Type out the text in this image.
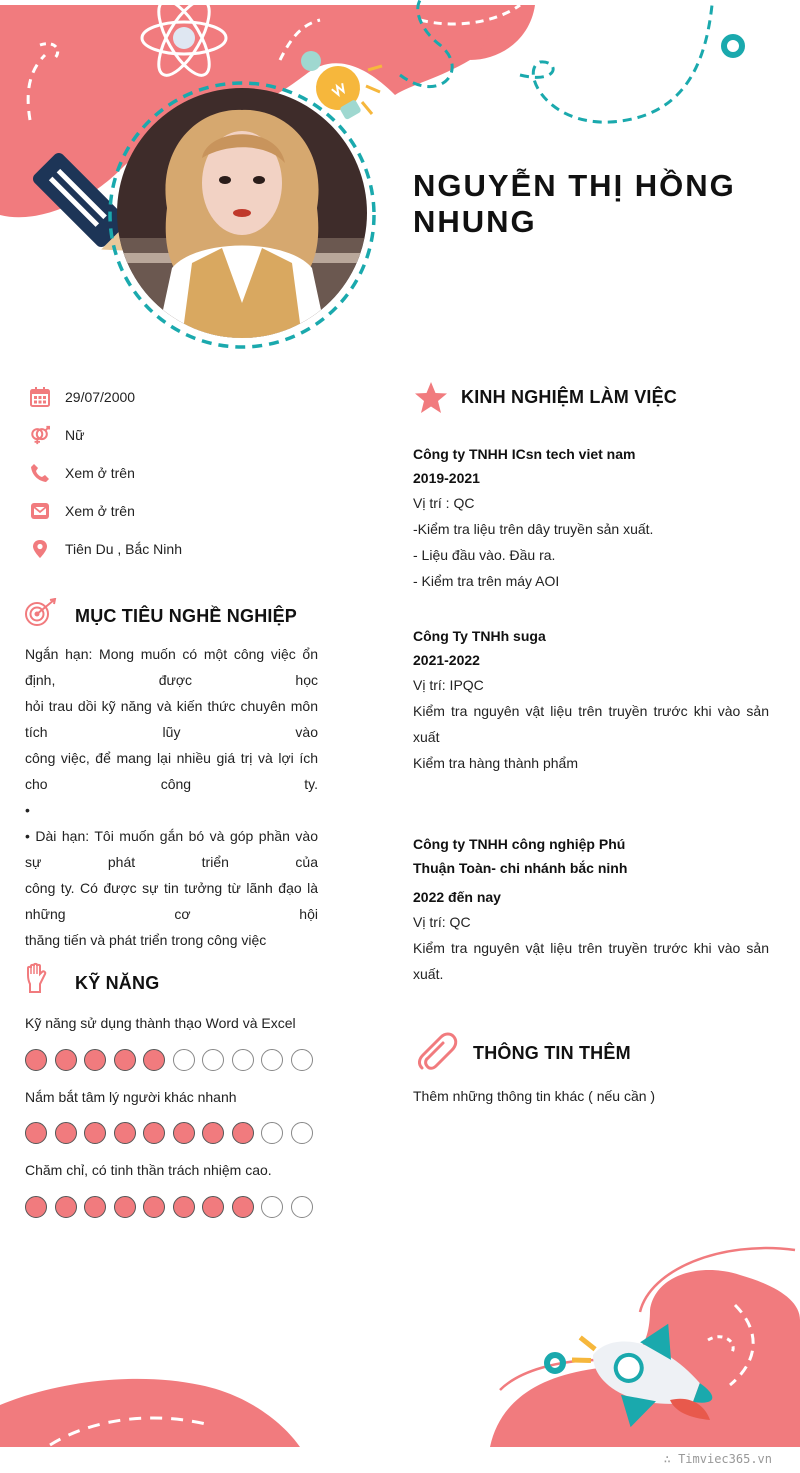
NGUYỄN THỊ HỒNG NHUNG
29/07/2000
Nữ
Xem ở trên
Xem ở trên
Tiên Du , Bắc Ninh
MỤC TIÊU NGHỀ NGHIỆP
Ngắn hạn: Mong muốn có một công việc ổn định, được học
hỏi trau dồi kỹ năng và kiến thức chuyên môn tích lũy vào
công việc, để mang lại nhiều giá trị và lợi ích cho công ty.
•
• Dài hạn: Tôi muốn gắn bó và góp phần vào sự phát triển của
công ty. Có được sự tin tưởng từ lãnh đạo là những cơ hội
thăng tiến và phát triển trong công việc
KỸ NĂNG
Kỹ năng sử dụng thành thạo Word và Excel
Nắm bắt tâm lý người khác nhanh
Chăm chỉ, có tinh thần trách nhiệm cao.
KINH NGHIỆM LÀM VIỆC
Công ty TNHH ICsn tech viet nam
2019-2021
Vị trí : QC
-Kiểm tra liệu trên dây truyền sản xuất.
- Liệu đầu vào. Đầu ra.
- Kiểm tra trên máy AOI
Công Ty TNHh suga
2021-2022
Vị trí: IPQC
Kiểm tra nguyên vật liệu trên truyền trước khi vào sản xuất
Kiểm tra hàng thành phẩm
Công ty TNHH công nghiệp Phú Thuận Toàn- chi nhánh bắc ninh
2022 đến nay
Vị trí: QC
Kiểm tra nguyên vật liệu trên truyền trước khi vào sản xuất.
THÔNG TIN THÊM
Thêm những thông tin khác ( nếu cần )
∴ Timviec365.vn
